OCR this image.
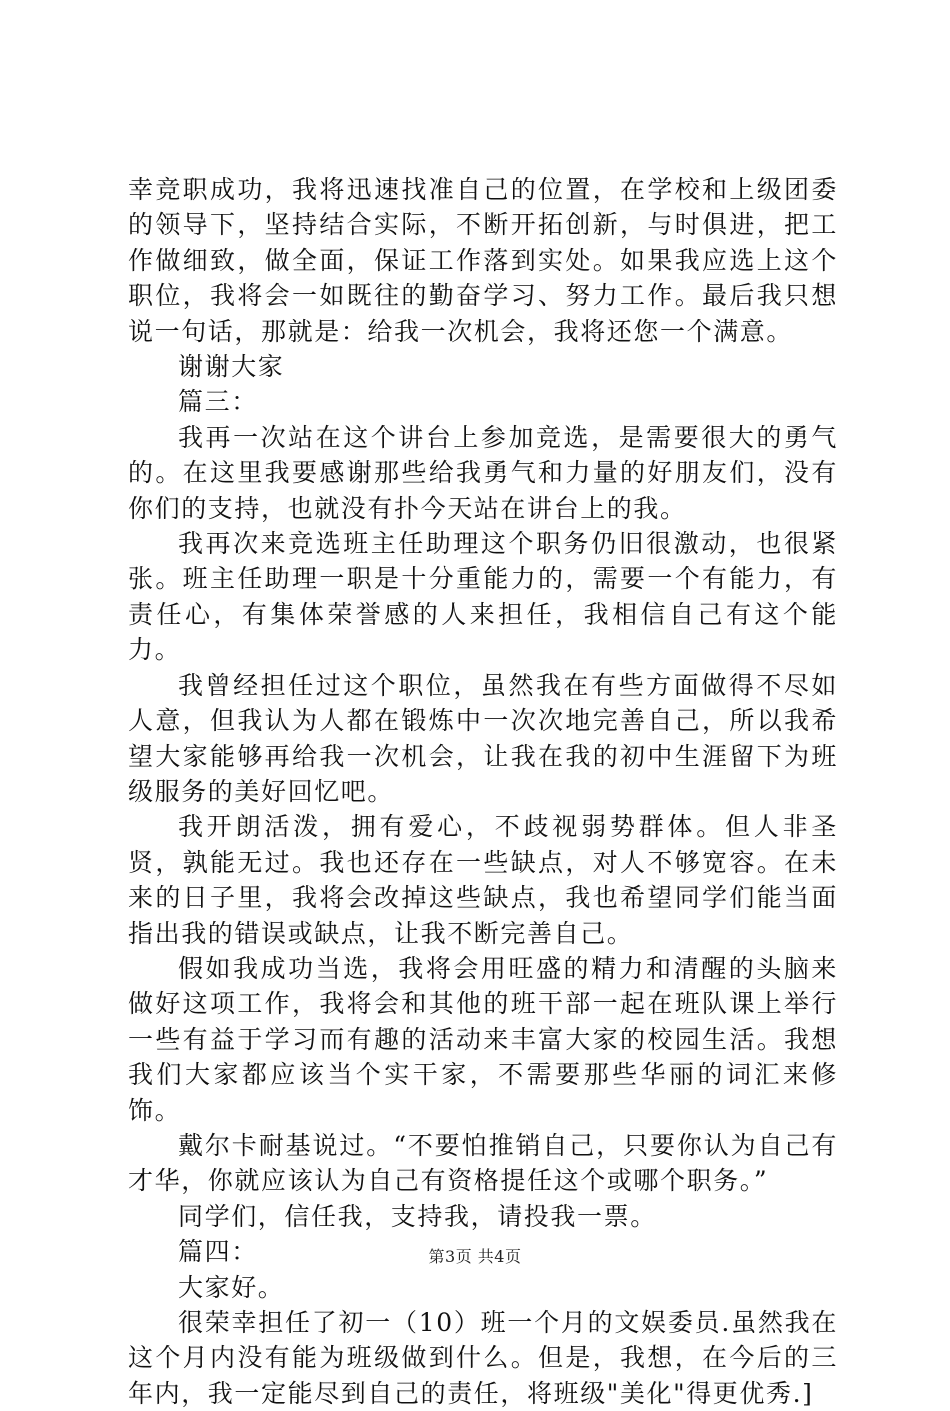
幸竞职成功，我将迅速找准自己的位置，在学校和上级团委的领导下，坚持结合实际，不断开拓创新，与时俱进，把工作做细致，做全面，保证工作落到实处。如果我应选上这个职位，我将会一如既往的勤奋学习、努力工作。最后我只想说一句话，那就是：给我一次机会，我将还您一个满意。

谢谢大家

篇三：

我再一次站在这个讲台上参加竞选，是需要很大的勇气的。在这里我要感谢那些给我勇气和力量的好朋友们，没有你们的支持，也就没有扑今天站在讲台上的我。

我再次来竞选班主任助理这个职务仍旧很激动，也很紧张。班主任助理一职是十分重能力的，需要一个有能力，有责任心，有集体荣誉感的人来担任，我相信自己有这个能力。

我曾经担任过这个职位，虽然我在有些方面做得不尽如人意，但我认为人都在锻炼中一次次地完善自己，所以我希望大家能够再给我一次机会，让我在我的初中生涯留下为班级服务的美好回忆吧。

我开朗活泼，拥有爱心，不歧视弱势群体。但人非圣贤，孰能无过。我也还存在一些缺点，对人不够宽容。在未来的日子里，我将会改掉这些缺点，我也希望同学们能当面指出我的错误或缺点，让我不断完善自己。

假如我成功当选，我将会用旺盛的精力和清醒的头脑来做好这项工作，我将会和其他的班干部一起在班队课上举行一些有益于学习而有趣的活动来丰富大家的校园生活。我想我们大家都应该当个实干家，不需要那些华丽的词汇来修饰。

戴尔卡耐基说过。“不要怕推销自己，只要你认为自己有才华，你就应该认为自己有资格提任这个或哪个职务。”

同学们，信任我，支持我，请投我一票。

篇四：

大家好。

很荣幸担任了初一（10）班一个月的文娱委员.虽然我在这个月内没有能为班级做到什么。但是，我想，在今后的三年内，我一定能尽到自己的责任，将班级"美化"得更优秀.]

第3页 共4页
